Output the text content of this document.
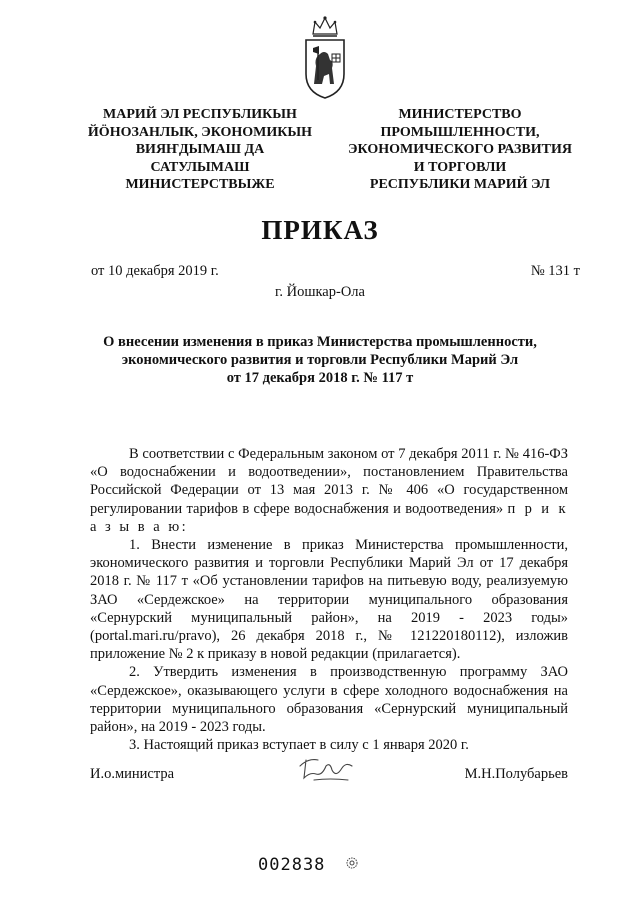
МАРИЙ ЭЛ РЕСПУБЛИКЫН
ЙӦНОЗАНЛЫК, ЭКОНОМИКЫН
ВИЯҤДЫМАШ ДА
САТУЛЫМАШ
МИНИСТЕРСТВЫЖЕ
МИНИСТЕРСТВО
ПРОМЫШЛЕННОСТИ,
ЭКОНОМИЧЕСКОГО РАЗВИТИЯ
И ТОРГОВЛИ
РЕСПУБЛИКИ МАРИЙ ЭЛ
ПРИКАЗ
от 10 декабря 2019 г.	№ 131 т
г. Йошкар-Ола
О внесении изменения в приказ Министерства промышленности,
экономического развития и торговли Республики Марий Эл
от 17 декабря 2018 г. № 117 т

В соответствии с Федеральным законом от 7 декабря 2011 г. № 416-ФЗ «О водоснабжении и водоотведении», постановлением Правительства Российской Федерации от 13 мая 2013 г. № 406 «О государственном регулировании тарифов в сфере водоснабжения и водоотведения» п р и к а з ы в а ю:

1. Внести изменение в приказ Министерства промышленности, экономического развития и торговли Республики Марий Эл от 17 декабря 2018 г. № 117 т «Об установлении тарифов на питьевую воду, реализуемую ЗАО «Сердежское» на территории муниципального образования «Сернурский муниципальный район», на 2019 - 2023 годы» (portal.mari.ru/pravo), 26 декабря 2018 г., № 121220180112), изложив приложение № 2 к приказу в новой редакции (прилагается).

2. Утвердить изменения в производственную программу ЗАО «Сердежское», оказывающего услуги в сфере холодного водоснабжения на территории муниципального образования «Сернурский муниципальный район», на 2019 - 2023 годы.

3. Настоящий приказ вступает в силу с 1 января 2020 г.

И.о.министра	М.Н.Полубарьев
002838
